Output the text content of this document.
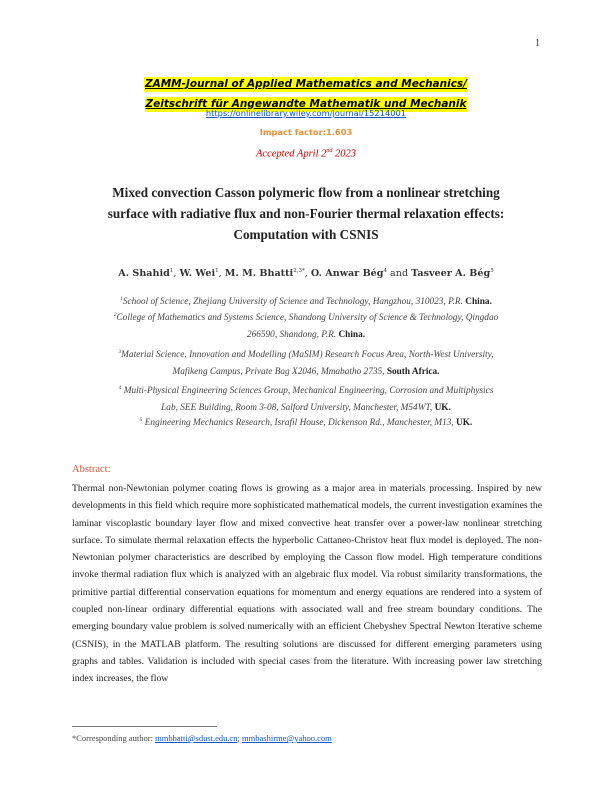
1
ZAMM-Journal of Applied Mathematics and Mechanics/
Zeitschrift für Angewandte Mathematik und Mechanik
https://onlinelibrary.wiley.com/journal/15214001
Impact factor:1.603
Accepted April 2nd 2023
Mixed convection Casson polymeric flow from a nonlinear stretching
surface with radiative flux and non-Fourier thermal relaxation effects:
Computation with CSNIS
A. Shahid$^1$, W. Wei$^1$, M. M. Bhatti$^{2,3*}$, O. Anwar Bég$^4$ and Tasveer A. Bég$^5$
$^1$School of Science, Zhejiang University of Science and Technology, Hangzhou, 310023, P.R. China.
$^2$College of Mathematics and Systems Science, Shandong University of Science & Technology, Qingdao
266590, Shandong, P.R. China.
$^3$Material Science, Innovation and Modelling (MaSIM) Research Focus Area, North-West University,
Mafikeng Campus, Private Bag X2046, Mmabatho 2735, South Africa.
$^4$ Multi-Physical Engineering Sciences Group, Mechanical Engineering, Corrosion and Multiphysics
Lab, SEE Building, Room 3-08, Salford University, Manchester, M54WT, UK.
$^5$ Engineering Mechanics Research, Israfil House, Dickenson Rd., Manchester, M13, UK.
Abstract:
Thermal non-Newtonian polymer coating flows is growing as a major area in materials processing. Inspired by new developments in this field which require more sophisticated mathematical models, the current investigation examines the laminar viscoplastic boundary layer flow and mixed convective heat transfer over a power-law nonlinear stretching surface. To simulate thermal relaxation effects the hyperbolic Cattaneo-Christov heat flux model is deployed. The non-Newtonian polymer characteristics are described by employing the Casson flow model. High temperature conditions invoke thermal radiation flux which is analyzed with an algebraic flux model. Via robust similarity transformations, the primitive partial differential conservation equations for momentum and energy equations are rendered into a system of coupled non-linear ordinary differential equations with associated wall and free stream boundary conditions. The emerging boundary value problem is solved numerically with an efficient Chebyshev Spectral Newton Iterative scheme (CSNIS), in the MATLAB platform. The resulting solutions are discussed for different emerging parameters using graphs and tables. Validation is included with special cases from the literature. With increasing power law stretching index increases, the flow
*Corresponding author: mmbhatti@sdust.edu.cn; mmbashirme@yahoo.com
